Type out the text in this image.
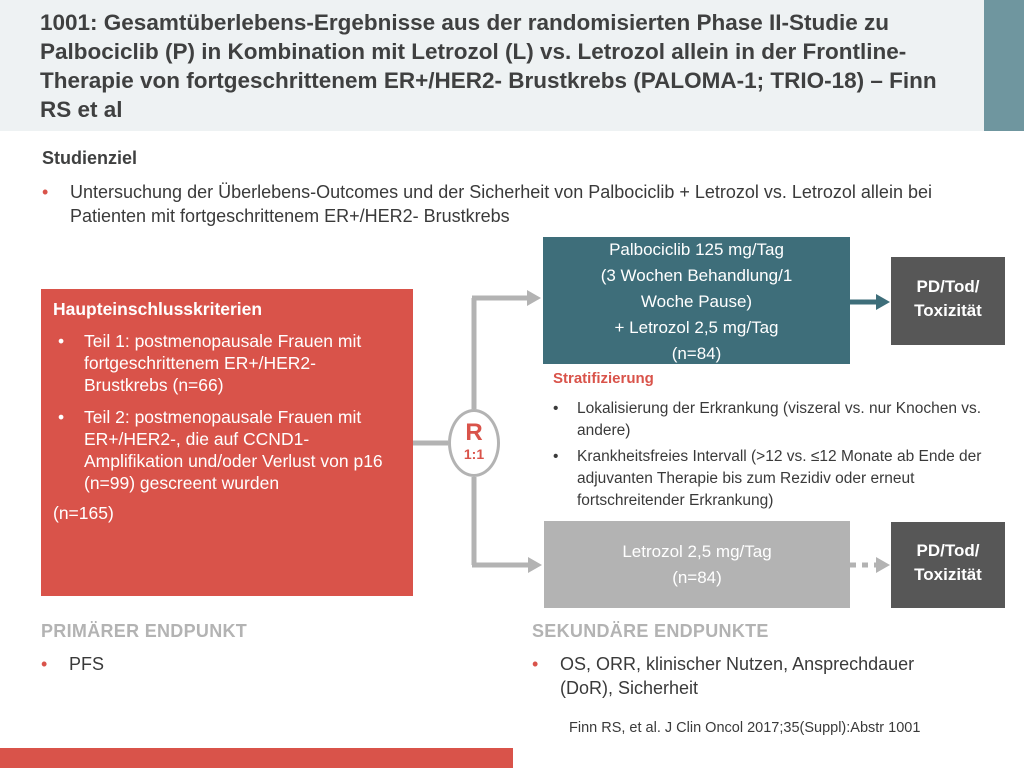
1001: Gesamtüberlebens-Ergebnisse aus der randomisierten Phase II-Studie zu Palbociclib (P) in Kombination mit Letrozol (L) vs. Letrozol allein in der Frontline-Therapie von fortgeschrittenem ER+/HER2- Brustkrebs (PALOMA-1; TRIO-18) – Finn RS et al
Studienziel
• Untersuchung der Überlebens-Outcomes und der Sicherheit von Palbociclib + Letrozol vs. Letrozol allein bei Patienten mit fortgeschrittenem ER+/HER2- Brustkrebs
Haupteinschlusskriterien
• Teil 1: postmenopausale Frauen mit fortgeschrittenem ER+/HER2- Brustkrebs (n=66)
• Teil 2: postmenopausale Frauen mit ER+/HER2-, die auf CCND1-Amplifikation und/oder Verlust von p16 (n=99) gescreent wurden
(n=165)
R
1:1
Palbociclib 125 mg/Tag
(3 Wochen Behandlung/1
Woche Pause)
+ Letrozol 2,5 mg/Tag
(n=84)
Letrozol 2,5 mg/Tag
(n=84)
PD/Tod/
Toxizität
PD/Tod/
Toxizität
Stratifizierung
• Lokalisierung der Erkrankung (viszeral vs. nur Knochen vs. andere)
• Krankheitsfreies Intervall (>12 vs. ≤12 Monate ab Ende der adjuvanten Therapie bis zum Rezidiv oder erneut fortschreitender Erkrankung)
PRIMÄRER ENDPUNKT
• PFS
SEKUNDÄRE ENDPUNKTE
• OS, ORR, klinischer Nutzen, Ansprechdauer (DoR), Sicherheit
Finn RS, et al. J Clin Oncol 2017;35(Suppl):Abstr 1001
